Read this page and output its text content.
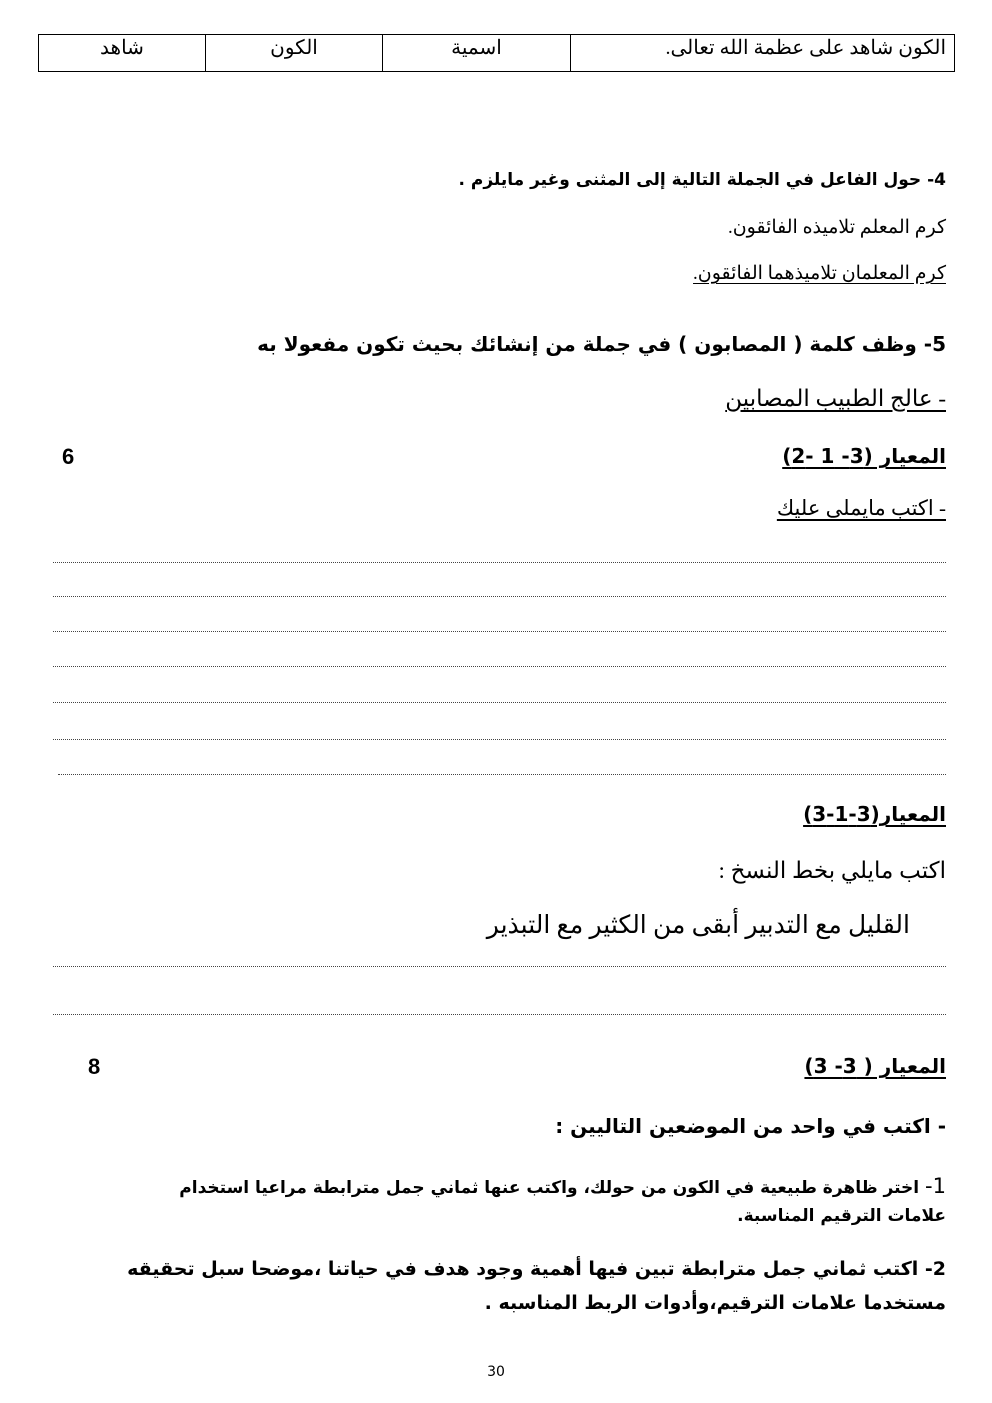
الكون شاهد على عظمة الله تعالى.	اسمية	الكون	شاهد
4- حول الفاعل في الجملة التالية إلى المثنى وغير مايلزم .
كرم المعلم تلاميذه الفائقون.
كرم المعلمان تلاميذهما الفائقون.
5- وظف كلمة ( المصابون ) في جملة من إنشائك بحيث تكون مفعولا به
- عالج الطبيب المصابين
المعيار (3- 1 -2)
6
- اكتب مايملى عليك
المعيار(3-1-3)
اكتب مايلي بخط النسخ :
القليل مع التدبير أبقى من الكثير مع التبذير
المعيار ( 3- 3)
8
- اكتب في واحد من الموضعين التاليين :
1- اختر ظاهرة طبيعية في الكون من حولك، واكتب عنها ثماني جمل مترابطة مراعيا استخدام علامات الترقيم المناسبة.
2- اكتب ثماني جمل مترابطة تبين فيها أهمية وجود هدف في حياتنا ،موضحا سبل تحقيقه مستخدما علامات الترقيم،وأدوات الربط المناسبه .
30
